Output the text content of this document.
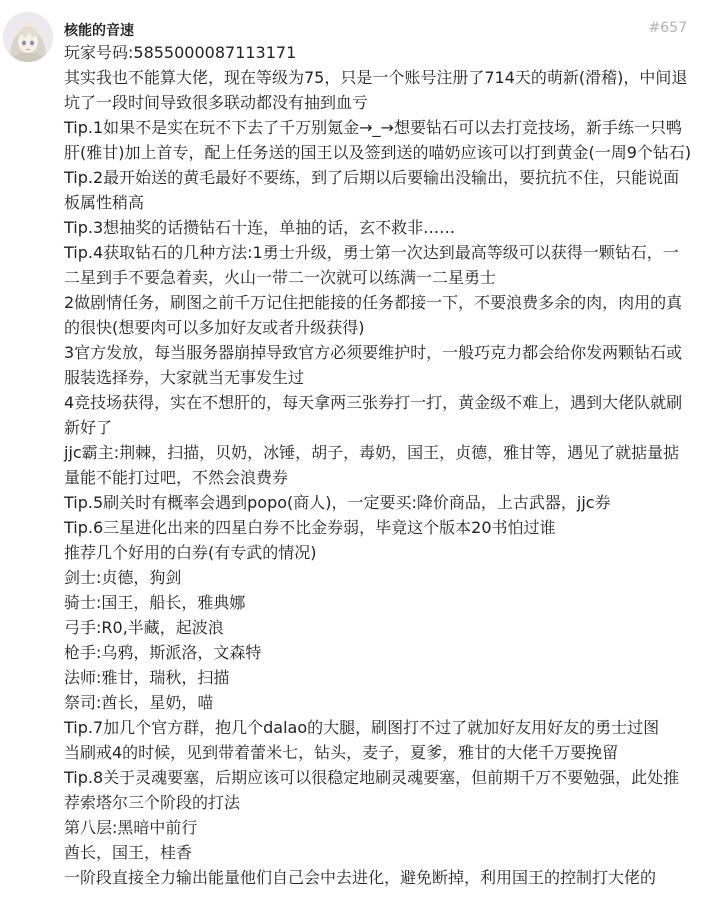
核能的音速	#657

玩家号码:5855000087113171

其实我也不能算大佬，现在等级为75，只是一个账号注册了714天的萌新(滑稽)，中间退坑了一段时间导致很多联动都没有抽到血亏

Tip.1如果不是实在玩不下去了千万别氪金→_→想要钻石可以去打竞技场，新手练一只鸭肝(雅甘)加上首专，配上任务送的国王以及签到送的喵奶应该可以打到黄金(一周9个钻石)

Tip.2最开始送的黄毛最好不要练，到了后期以后要输出没输出，要抗抗不住，只能说面板属性稍高

Tip.3想抽奖的话攒钻石十连，单抽的话，玄不救非……

Tip.4获取钻石的几种方法:1勇士升级，勇士第一次达到最高等级可以获得一颗钻石，一二星到手不要急着卖，火山一带二一次就可以练满一二星勇士

2做剧情任务，刷图之前千万记住把能接的任务都接一下，不要浪费多余的肉，肉用的真的很快(想要肉可以多加好友或者升级获得)

3官方发放，每当服务器崩掉导致官方必须要维护时，一般巧克力都会给你发两颗钻石或服装选择券，大家就当无事发生过

4竞技场获得，实在不想肝的，每天拿两三张券打一打，黄金级不难上，遇到大佬队就刷新好了

jjc霸主:荆棘，扫描，贝奶，冰锤，胡子，毒奶，国王，贞德，雅甘等，遇见了就掂量掂量能不能打过吧，不然会浪费券

Tip.5刷关时有概率会遇到popo(商人)，一定要买:降价商品，上古武器，jjc券

Tip.6三星进化出来的四星白券不比金券弱，毕竟这个版本20书怕过谁

推荐几个好用的白券(有专武的情况)

剑士:贞德，狗剑

骑士:国王，船长，雅典娜

弓手:R0,半藏，起波浪

枪手:乌鸦，斯派洛，文森特

法师:雅甘，瑞秋，扫描

祭司:酋长，星奶，喵

Tip.7加几个官方群，抱几个dalao的大腿，刷图打不过了就加好友用好友的勇士过图

当刷戒4的时候，见到带着蕾米七，钻头，麦子，夏爹，雅甘的大佬千万要挽留

Tip.8关于灵魂要塞，后期应该可以很稳定地刷灵魂要塞，但前期千万不要勉强，此处推荐索塔尔三个阶段的打法

第八层:黑暗中前行

酋长，国王，桂香

一阶段直接全力输出能量他们自己会中去进化，避免断掉，利用国王的控制打大佬的
